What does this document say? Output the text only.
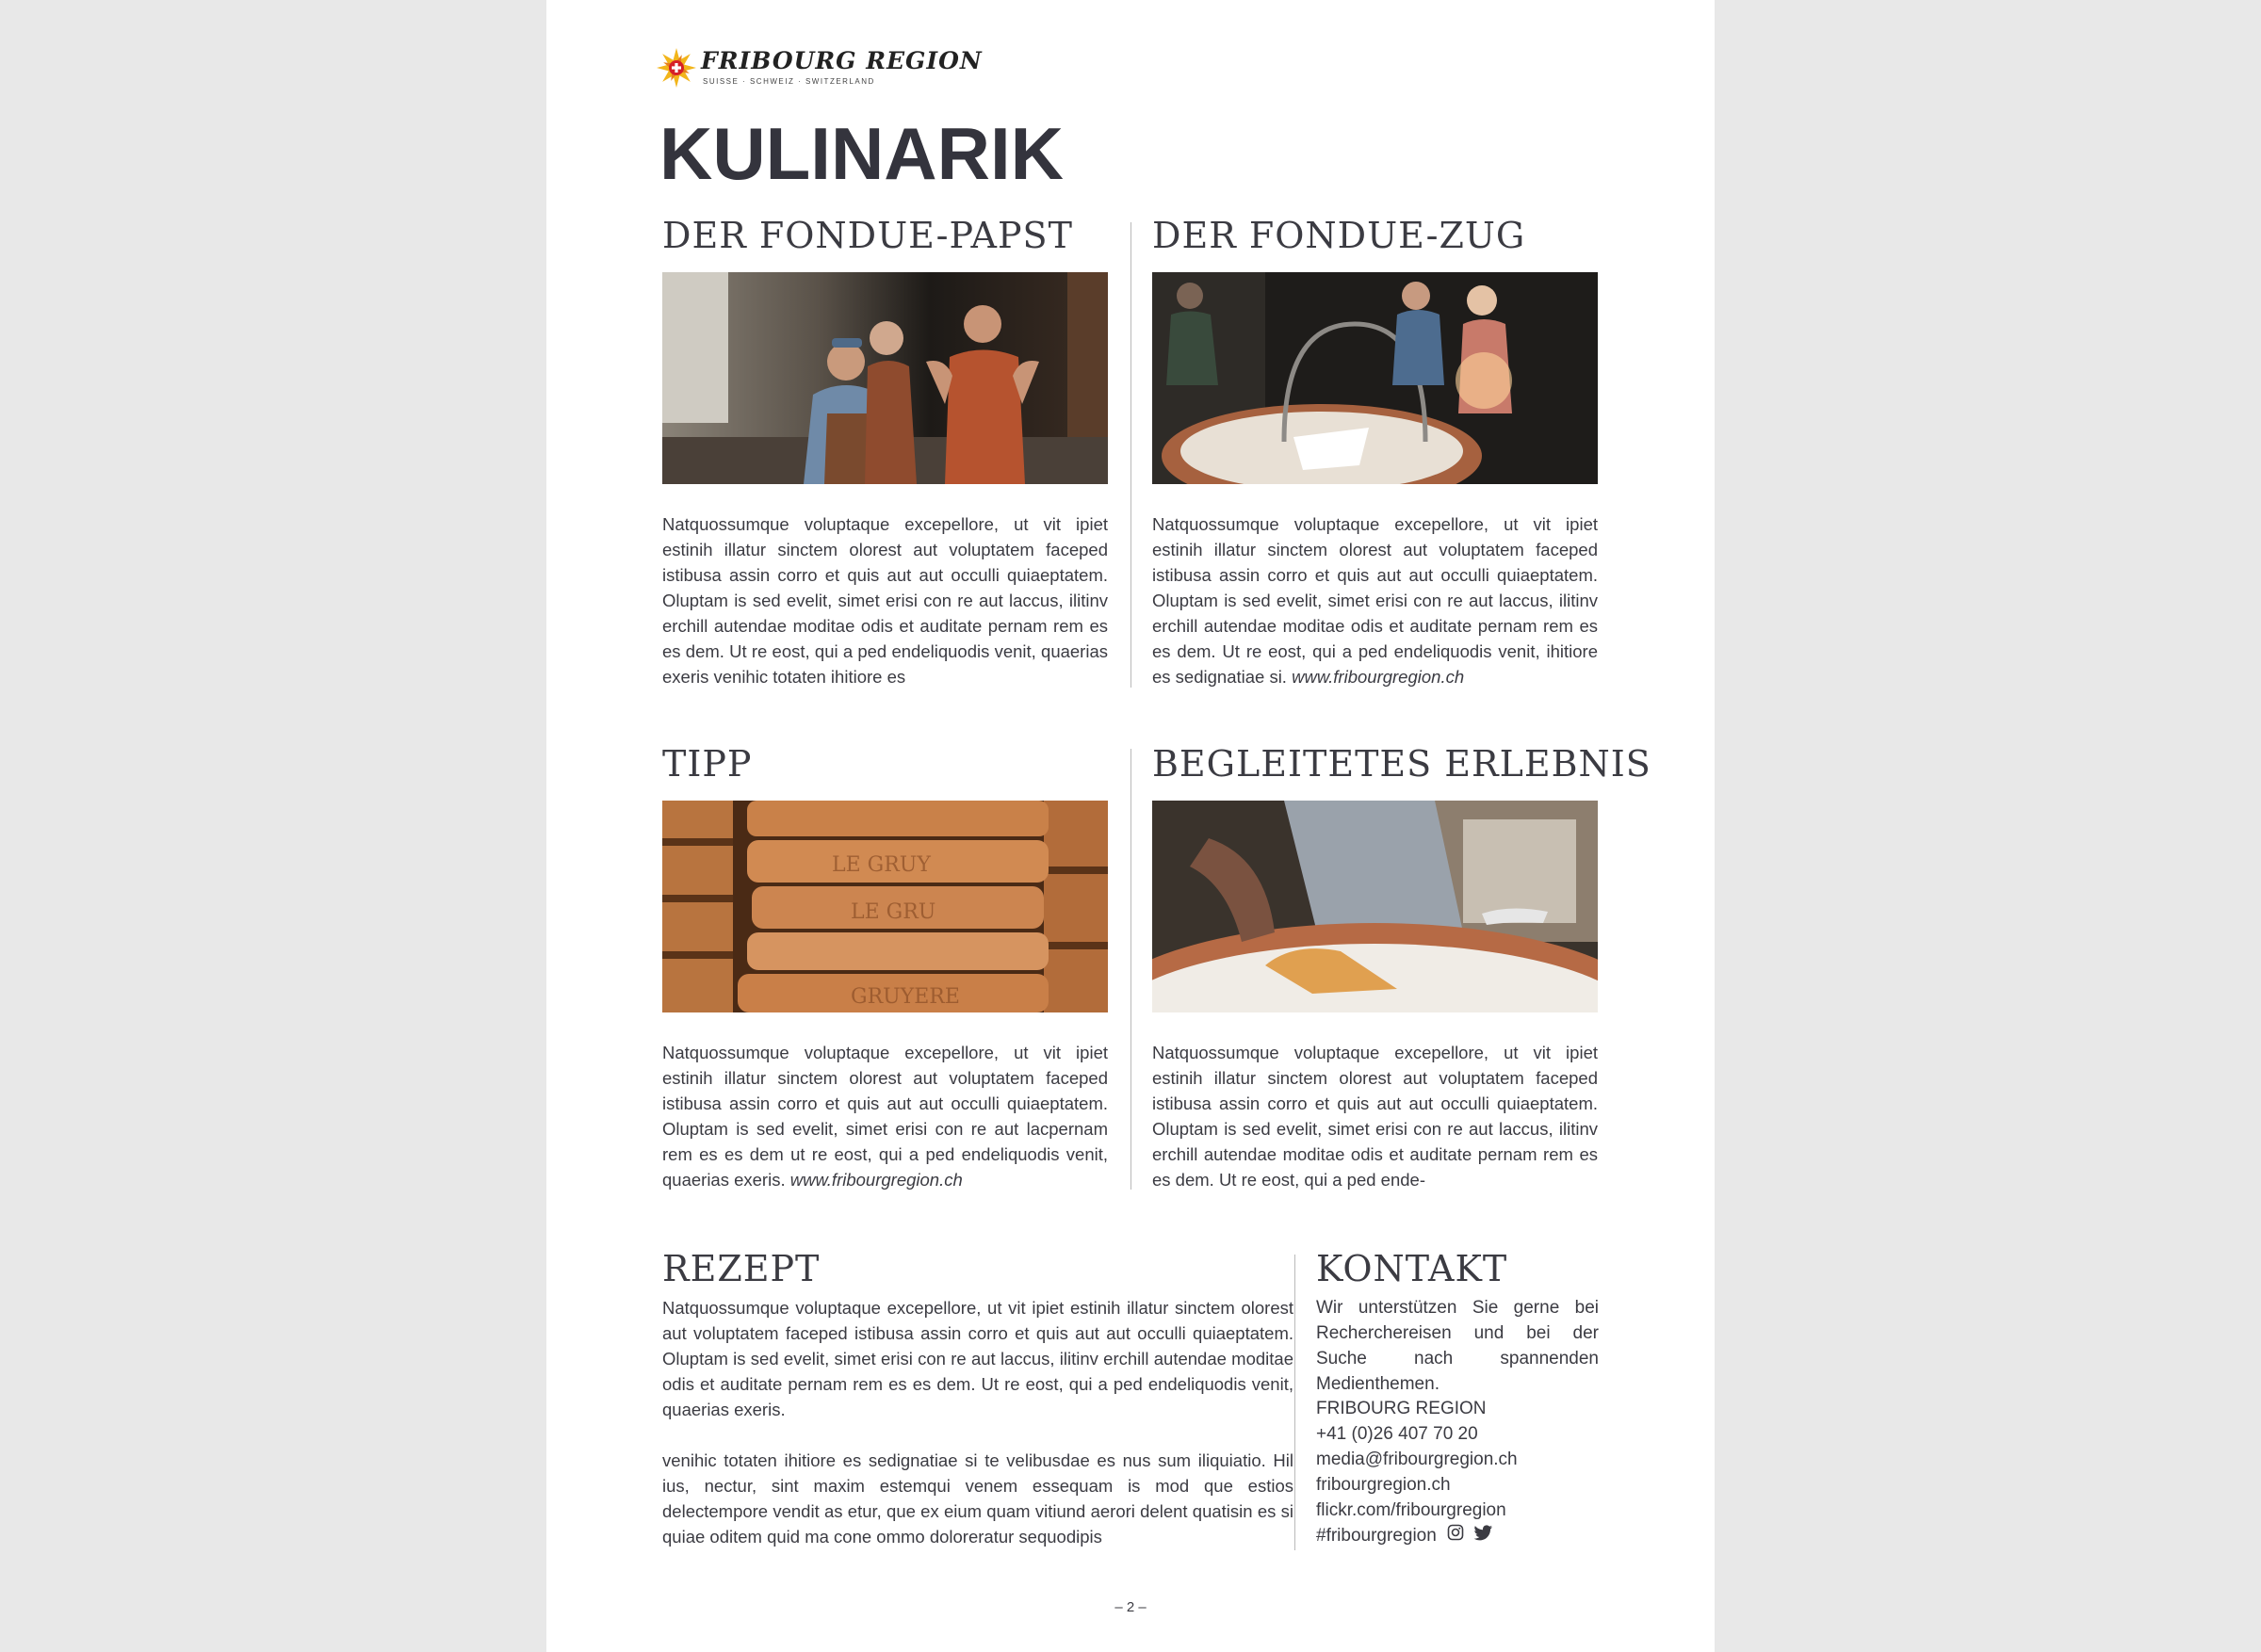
FRIBOURG REGION
SUISSE · SCHWEIZ · SWITZERLAND
KULINARIK
DER FONDUE-PAPST

Natquossumque voluptaque excepellore, ut vit ipiet estinih illatur sinctem olorest aut voluptatem faceped istibusa assin corro et quis aut aut occulli quiaeptatem. Oluptam is sed evelit, simet erisi con re aut laccus, ilitinv erchill autendae moditae odis et auditate pernam rem es es dem. Ut re eost, qui a ped endeliquodis venit, quaerias exeris venihic totaten ihitiore es

DER FONDUE-ZUG

Natquossumque voluptaque excepellore, ut vit ipiet estinih illatur sinctem olorest aut voluptatem faceped istibusa assin corro et quis aut aut occulli quiaeptatem. Oluptam is sed evelit, simet erisi con re aut laccus, ilitinv erchill autendae moditae odis et auditate pernam rem es es dem. Ut re eost, qui a ped endeliquodis venit, ihitiore es sedignatiae si. www.fribourgregion.ch

TIPP
LE GRUY
LE GRU
GRUYERE

Natquossumque voluptaque excepellore, ut vit ipiet estinih illatur sinctem olorest aut voluptatem faceped istibusa assin corro et quis aut aut occulli quiaeptatem. Oluptam is sed evelit, simet erisi con re aut lacpernam rem es es dem ut re eost, qui a ped endeliquodis venit, quaerias exeris. www.fribourgregion.ch

BEGLEITETES ERLEBNIS

Natquossumque voluptaque excepellore, ut vit ipiet estinih illatur sinctem olorest aut voluptatem faceped istibusa assin corro et quis aut aut occulli quiaeptatem. Oluptam is sed evelit, simet erisi con re aut laccus, ilitinv erchill autendae moditae odis et auditate pernam rem es es dem. Ut re eost, qui a ped ende-

REZEPT

Natquossumque voluptaque excepellore, ut vit ipiet estinih illatur sinctem olorest aut voluptatem faceped istibusa assin corro et quis aut aut occulli quiaeptatem. Oluptam is sed evelit, simet erisi con re aut laccus, ilitinv erchill autendae moditae odis et auditate pernam rem es es dem. Ut re eost, qui a ped endeliquodis venit, quaerias exeris.

venihic totaten ihitiore es sedignatiae si te velibusdae es nus sum iliquiatio. Hil ius, nectur, sint maxim estemqui venem essequam is mod que estios delectempore vendit as etur, que ex eium quam vitiund aerori delent quatisin es si quiae oditem quid ma cone ommo doloreratur sequodipis

KONTAKT

Wir unterstützen Sie gerne bei Recherchereisen und bei der Suche nach spannenden Medienthemen.

FRIBOURG REGION
+41 (0)26 407 70 20
media@fribourgregion.ch
fribourgregion.ch
flickr.com/fribourgregion
#fribourgregion
– 2 –
